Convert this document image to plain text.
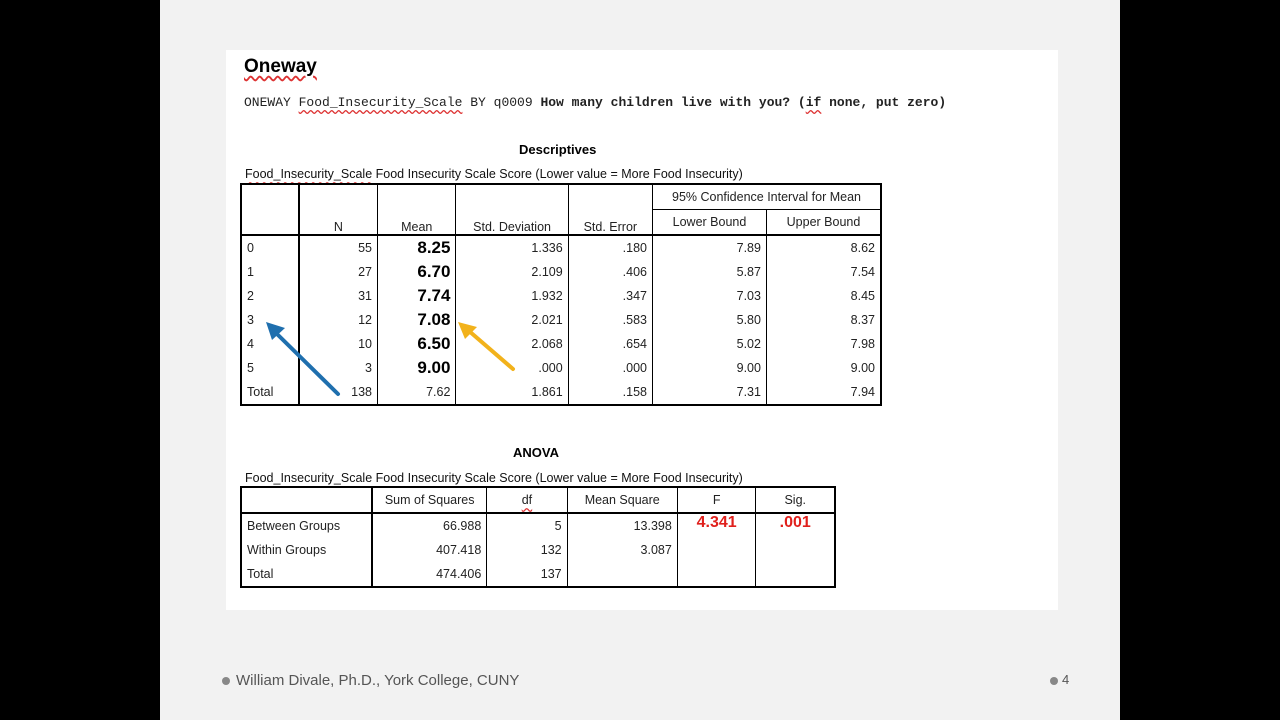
Oneway
ONEWAY Food_Insecurity_Scale BY q0009 How many children live with you? (if none, put zero)
Descriptives
Food_Insecurity_Scale Food Insecurity Scale Score (Lower value = More Food Insecurity)
	N	Mean	Std. Deviation	Std. Error	95% Confidence Interval for Mean	
					Lower Bound	Upper Bound
0	55	8.25	1.336	.180	7.89	8.62
1	27	6.70	2.109	.406	5.87	7.54
2	31	7.74	1.932	.347	7.03	8.45
3	12	7.08	2.021	.583	5.80	8.37
4	10	6.50	2.068	.654	5.02	7.98
5	3	9.00	.000	.000	9.00	9.00
Total	138	7.62	1.861	.158	7.31	7.94
ANOVA
Food_Insecurity_Scale Food Insecurity Scale Score (Lower value = More Food Insecurity)
	Sum of Squares	df	Mean Square	F	Sig.
Between Groups	66.988	5	13.398	4.341	.001
Within Groups	407.418	132	3.087		
Total	474.406	137			
William Divale, Ph.D., York College, CUNY	4
